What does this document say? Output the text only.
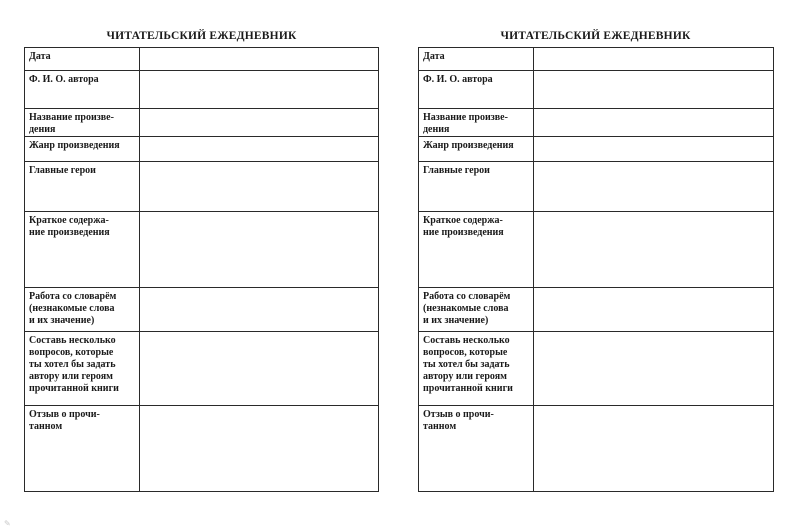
ЧИТАТЕЛЬСКИЙ ЕЖЕДНЕВНИК
Дата	

Ф. И. О. автора	

Название произве-
дения	

Жанр произведения	

Главные герои	

Краткое содержа-
ние произведения	

Работа со словарём
(незнакомые слова
и их значение)	

Составь несколько
вопросов, которые
ты хотел бы задать
автору или героям
прочитанной книги	

Отзыв о прочи-
танном	

ЧИТАТЕЛЬСКИЙ ЕЖЕДНЕВНИК
Дата	

Ф. И. О. автора	

Название произве-
дения	

Жанр произведения	

Главные герои	

Краткое содержа-
ние произведения	

Работа со словарём
(незнакомые слова
и их значение)	

Составь несколько
вопросов, которые
ты хотел бы задать
автору или героям
прочитанной книги	

Отзыв о прочи-
танном	

✎
